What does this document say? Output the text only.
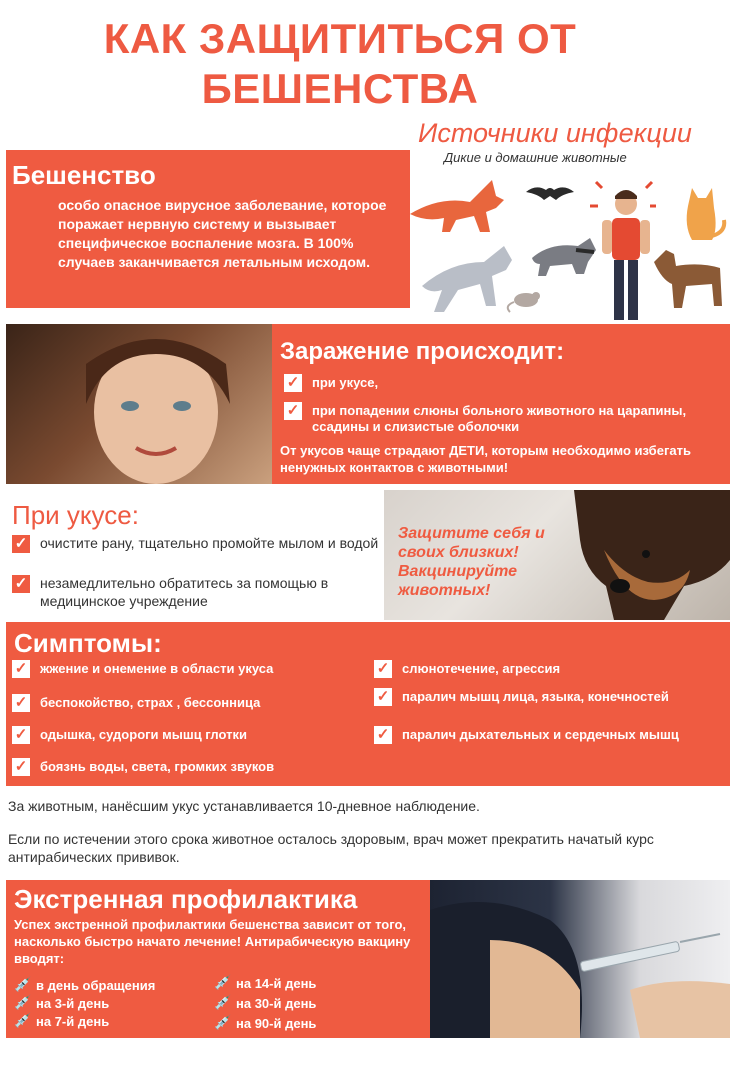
КАК ЗАЩИТИТЬСЯ ОТ БЕШЕНСТВА
Бешенство
особо опасное вирусное заболевание, которое поражает нервную систему и вызывает специфическое воспаление мозга. В 100% случаев заканчивается летальным исходом.
Источники инфекции
Дикие и домашние животные
Заражение происходит:
✓ при укусе,
✓ при попадении слюны больного животного на царапины, ссадины и слизистые оболочки
От укусов чаще страдают ДЕТИ, которым необходимо избегать ненужных контактов с животными!
При укусе:
✓ очистите рану, тщательно промойте мылом и водой
✓ незамедлительно обратитесь за помощью в медицинское учреждение
Защитите себя и своих близких! Вакцинируйте животных!
Симптомы:
✓ жжение и онемение в области укуса
✓ беспокойство, страх , бессонница
✓ одышка, судороги мышц глотки
✓ боязнь воды, света, громких звуков
✓ слюнотечение, агрессия
✓ паралич мышц лица, языка, конечностей
✓ паралич дыхательных и сердечных мышц
За животным, нанёсшим укус устанавливается 10-дневное наблюдение.
Если по истечении этого срока животное осталось здоровым, врач может прекратить начатый курс антирабических прививок.
Экстренная профилактика
Успех экстренной профилактики бешенства зависит от того, насколько быстро начато лечение! Антирабическую вакцину вводят:
💉 в день обращения
💉 на 3-й день
💉 на 7-й день
💉 на 14-й день
💉 на 30-й день
💉 на 90-й день
